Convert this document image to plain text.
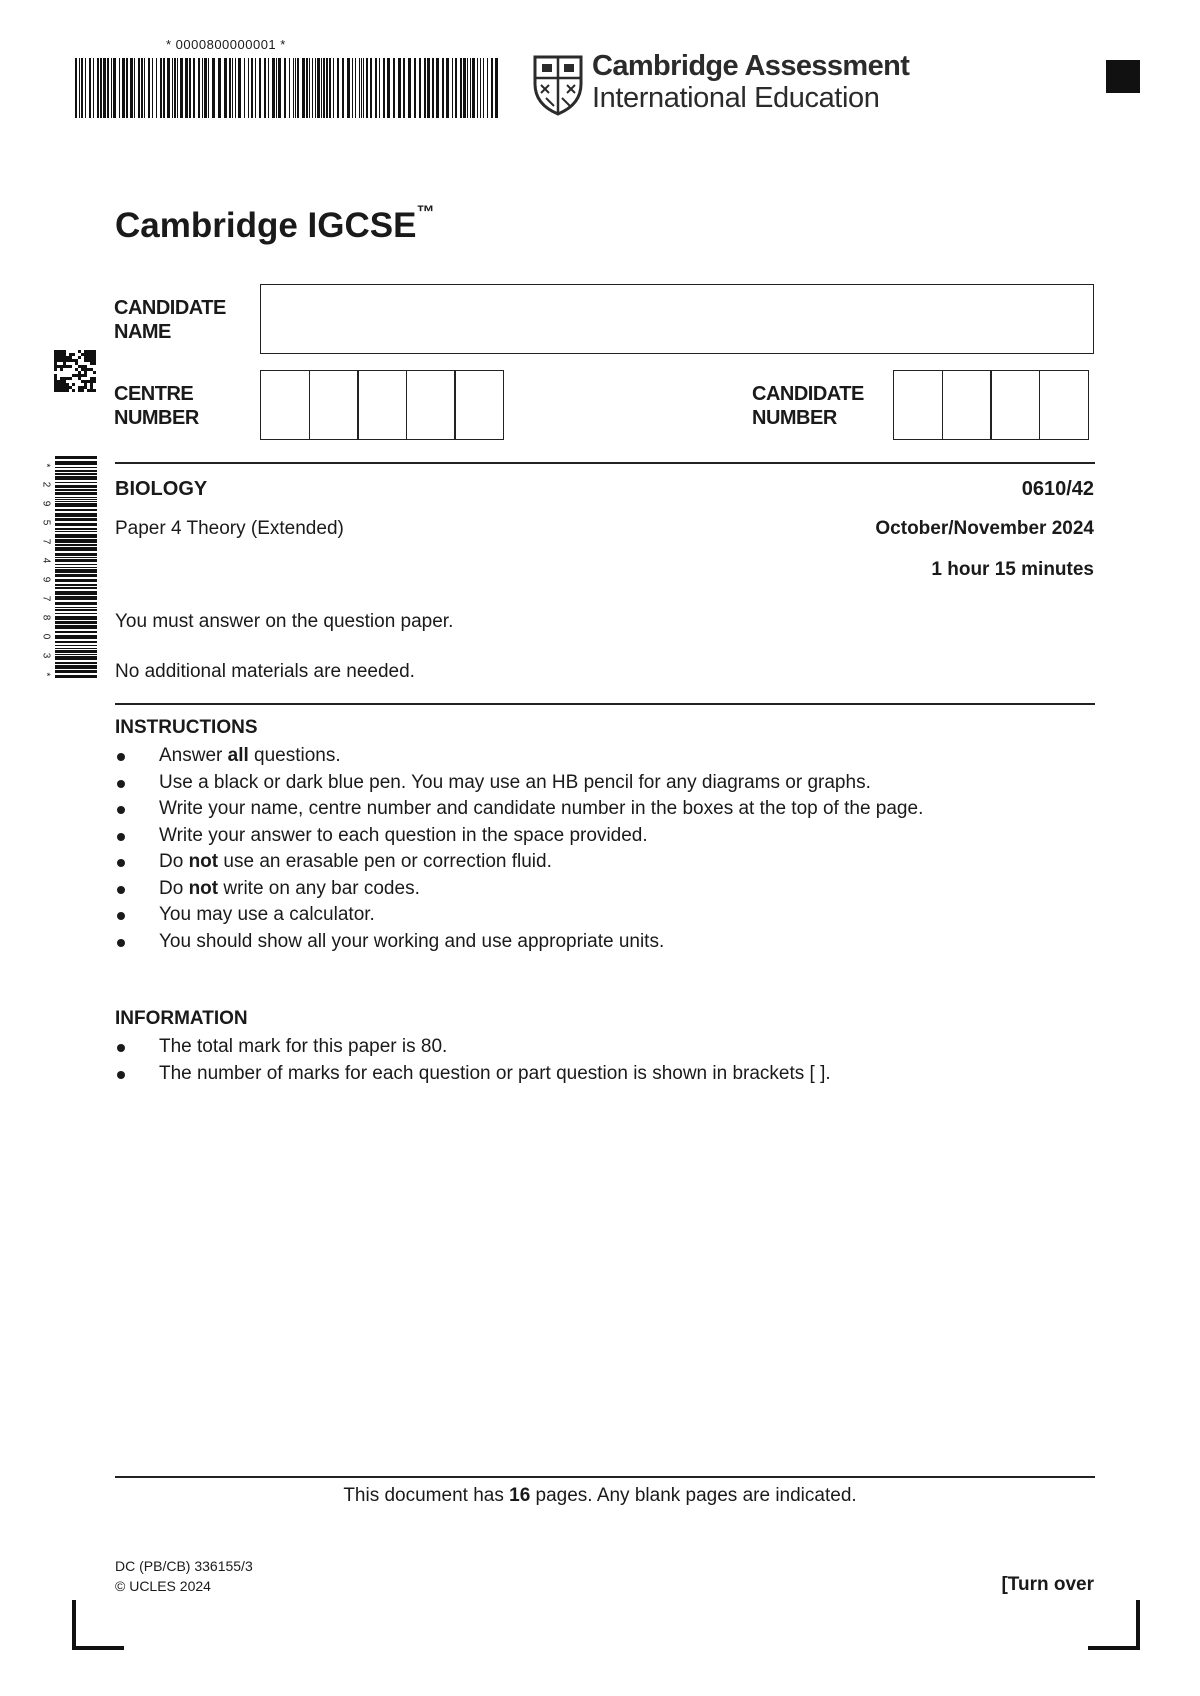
* 0000800000001 *
Cambridge Assessment
International Education
Cambridge IGCSE™
CANDIDATE
NAME
CENTRE
NUMBER
CANDIDATE
NUMBER
*
2
9
5
7
4
9
7
8
0
3
*
BIOLOGY	0610/42
Paper 4 Theory (Extended)	October/November 2024
1 hour 15 minutes
You must answer on the question paper.
No additional materials are needed.
INSTRUCTIONS
Answer all questions.
Use a black or dark blue pen. You may use an HB pencil for any diagrams or graphs.
Write your name, centre number and candidate number in the boxes at the top of the page.
Write your answer to each question in the space provided.
Do not use an erasable pen or correction fluid.
Do not write on any bar codes.
You may use a calculator.
You should show all your working and use appropriate units.
INFORMATION
The total mark for this paper is 80.
The number of marks for each question or part question is shown in brackets [ ].
This document has 16 pages. Any blank pages are indicated.
DC (PB/CB) 336155/3
© UCLES 2024	[Turn over
